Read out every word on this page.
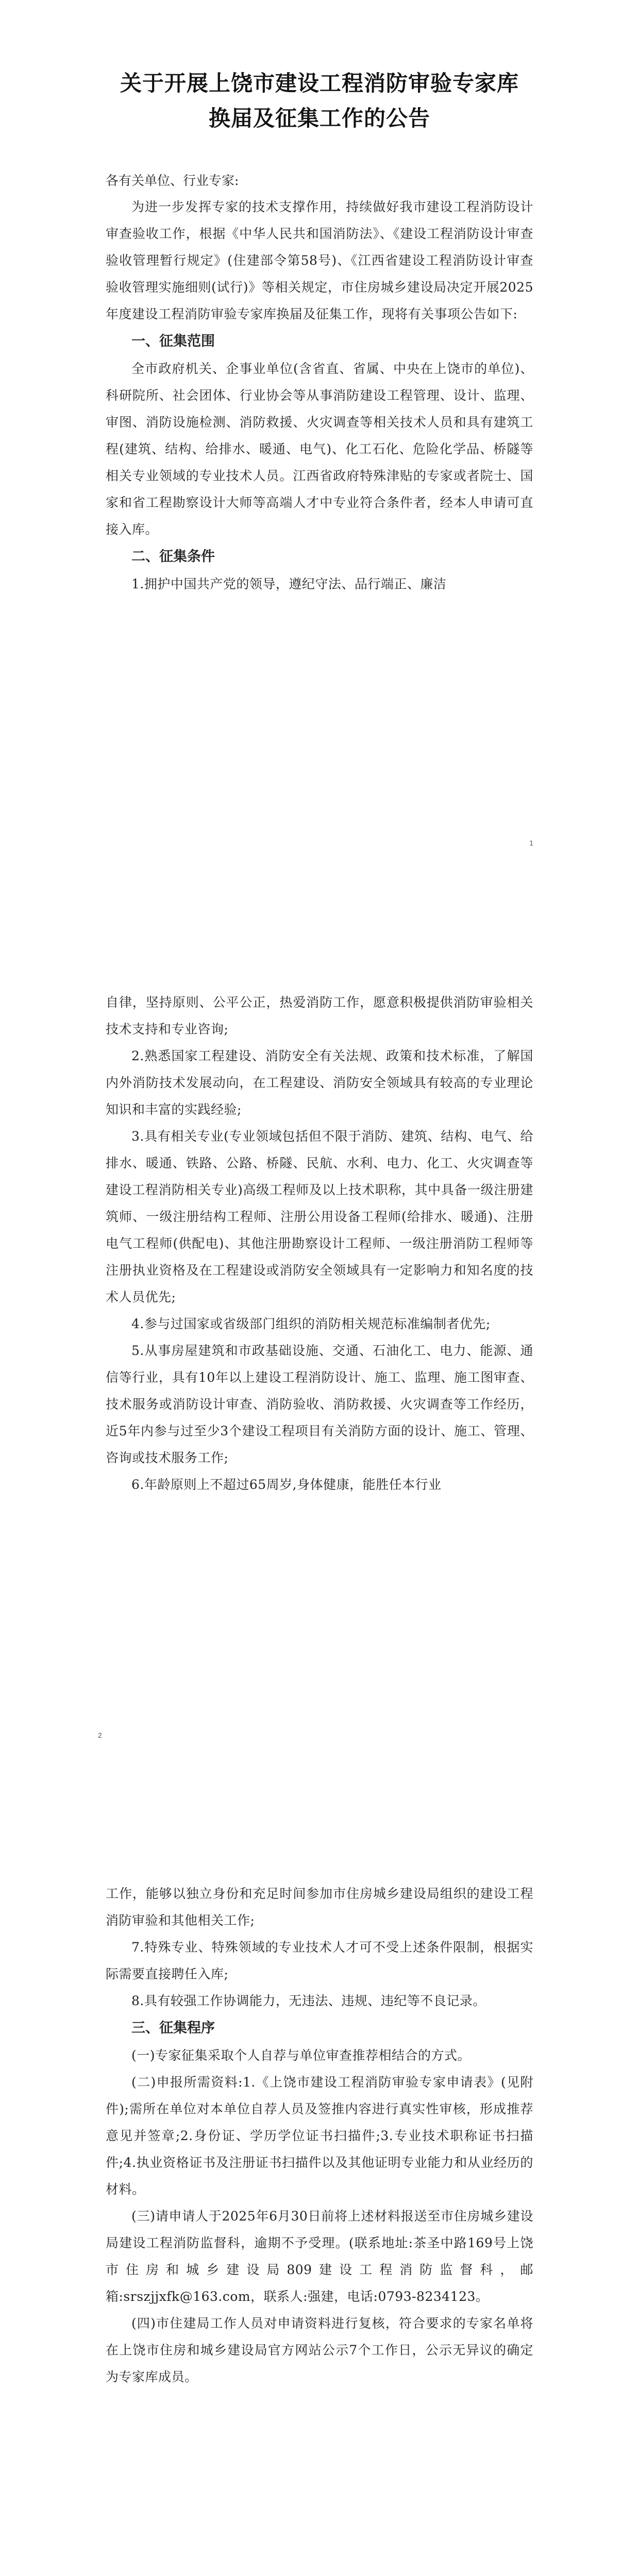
关于开展上饶市建设工程消防审验专家库
换届及征集工作的公告

各有关单位、行业专家:

为进一步发挥专家的技术支撑作用，持续做好我市建设工程消防设计审查验收工作，根据《中华人民共和国消防法》、《建设工程消防设计审查验收管理暂行规定》(住建部令第58号)、《江西省建设工程消防设计审查验收管理实施细则(试行)》等相关规定，市住房城乡建设局决定开展2025年度建设工程消防审验专家库换届及征集工作，现将有关事项公告如下:

一、征集范围

全市政府机关、企事业单位(含省直、省属、中央在上饶市的单位)、科研院所、社会团体、行业协会等从事消防建设工程管理、设计、监理、审图、消防设施检测、消防救援、火灾调查等相关技术人员和具有建筑工程(建筑、结构、给排水、暖通、电气)、化工石化、危险化学品、桥隧等相关专业领域的专业技术人员。江西省政府特殊津贴的专家或者院士、国家和省工程勘察设计大师等高端人才中专业符合条件者，经本人申请可直接入库。

二、征集条件

1.拥护中国共产党的领导，遵纪守法、品行端正、廉洁

1

自律，坚持原则、公平公正，热爱消防工作，愿意积极提供消防审验相关技术支持和专业咨询;

2.熟悉国家工程建设、消防安全有关法规、政策和技术标准，了解国内外消防技术发展动向，在工程建设、消防安全领域具有较高的专业理论知识和丰富的实践经验;

3.具有相关专业(专业领域包括但不限于消防、建筑、结构、电气、给排水、暖通、铁路、公路、桥隧、民航、水利、电力、化工、火灾调查等建设工程消防相关专业)高级工程师及以上技术职称，其中具备一级注册建筑师、一级注册结构工程师、注册公用设备工程师(给排水、暖通)、注册电气工程师(供配电)、其他注册勘察设计工程师、一级注册消防工程师等注册执业资格及在工程建设或消防安全领域具有一定影响力和知名度的技术人员优先;

4.参与过国家或省级部门组织的消防相关规范标准编制者优先;

5.从事房屋建筑和市政基础设施、交通、石油化工、电力、能源、通信等行业，具有10年以上建设工程消防设计、施工、监理、施工图审查、技术服务或消防设计审查、消防验收、消防救援、火灾调查等工作经历，近5年内参与过至少3个建设工程项目有关消防方面的设计、施工、管理、咨询或技术服务工作;

6.年龄原则上不超过65周岁,身体健康，能胜任本行业

2

工作，能够以独立身份和充足时间参加市住房城乡建设局组织的建设工程消防审验和其他相关工作;

7.特殊专业、特殊领域的专业技术人才可不受上述条件限制，根据实际需要直接聘任入库;

8.具有较强工作协调能力，无违法、违规、违纪等不良记录。

三、征集程序

(一)专家征集采取个人自荐与单位审查推荐相结合的方式。

(二)申报所需资料:1.《上饶市建设工程消防审验专家申请表》(见附件);需所在单位对本单位自荐人员及签推内容进行真实性审核，形成推荐意见并签章;2.身份证、学历学位证书扫描件;3.专业技术职称证书扫描件;4.执业资格证书及注册证书扫描件以及其他证明专业能力和从业经历的材料。

(三)请申请人于2025年6月30日前将上述材料报送至市住房城乡建设局建设工程消防监督科，逾期不予受理。(联系地址:茶圣中路169号上饶市住房和城乡建设局809建设工程消防监督科，邮箱:srszjjxfk@163.com，联系人:强建，电话:0793-8234123。

(四)市住建局工作人员对申请资料进行复核，符合要求的专家名单将在上饶市住房和城乡建设局官方网站公示7个工作日，公示无异议的确定为专家库成员。
